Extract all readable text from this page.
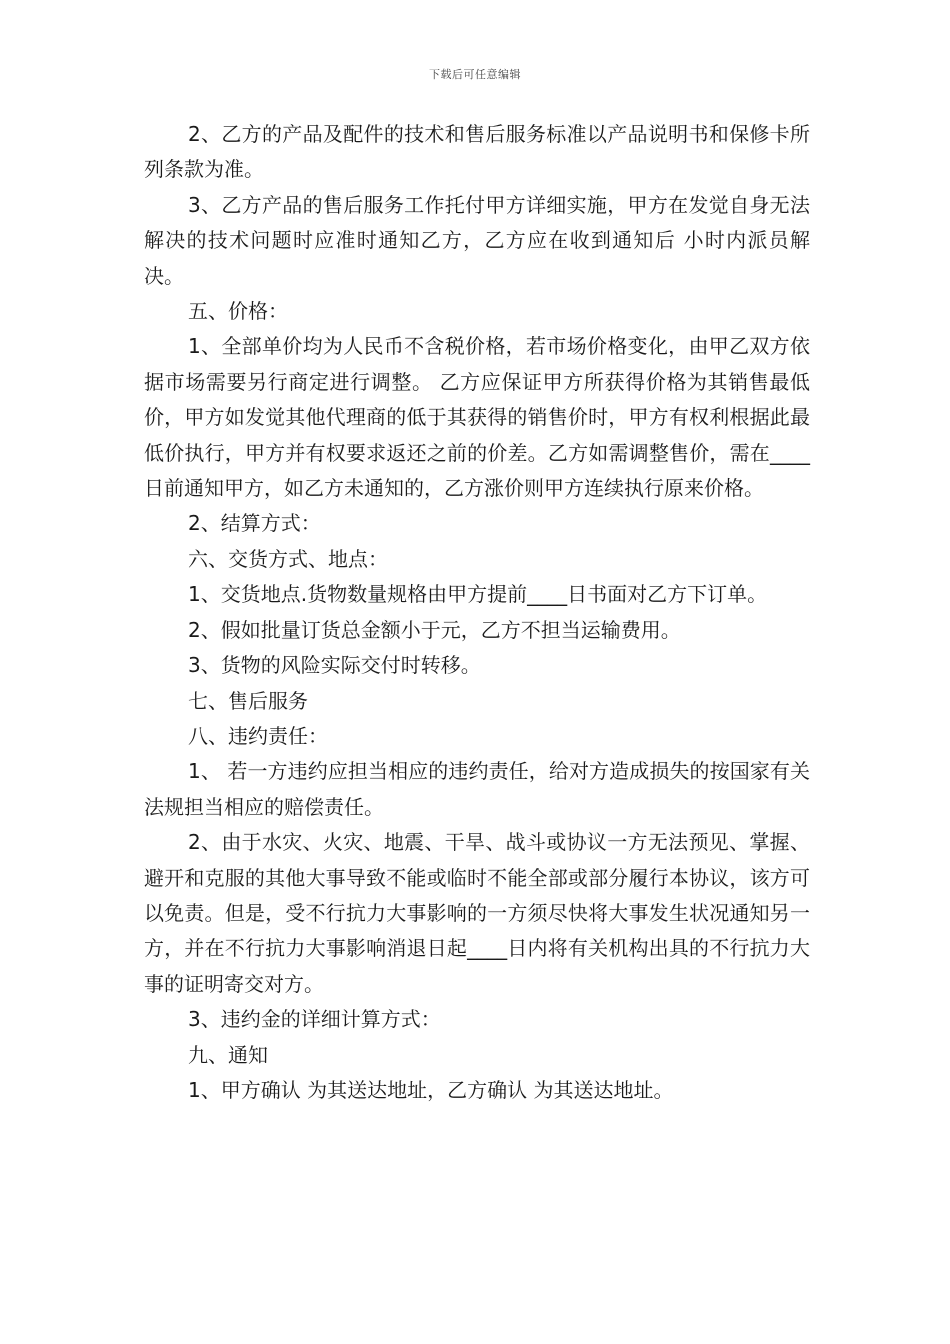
下载后可任意编辑

2、乙方的产品及配件的技术和售后服务标准以产品说明书和保修卡所列条款为准。

3、乙方产品的售后服务工作托付甲方详细实施，甲方在发觉自身无法解决的技术问题时应准时通知乙方，乙方应在收到通知后 小时内派员解决。

五、价格：

1、全部单价均为人民币不含税价格，若市场价格变化，由甲乙双方依据市场需要另行商定进行调整。 乙方应保证甲方所获得价格为其销售最低价，甲方如发觉其他代理商的低于其获得的销售价时，甲方有权利根据此最低价执行，甲方并有权要求返还之前的价差。乙方如需调整售价，需在____日前通知甲方，如乙方未通知的，乙方涨价则甲方连续执行原来价格。

2、结算方式：

六、交货方式、地点：

1、交货地点.货物数量规格由甲方提前____日书面对乙方下订单。

2、假如批量订货总金额小于元，乙方不担当运输费用。

3、货物的风险实际交付时转移。

七、售后服务

八、违约责任：

1、 若一方违约应担当相应的违约责任，给对方造成损失的按国家有关法规担当相应的赔偿责任。

2、由于水灾、火灾、地震、干旱、战斗或协议一方无法预见、掌握、避开和克服的其他大事导致不能或临时不能全部或部分履行本协议，该方可以免责。但是，受不行抗力大事影响的一方须尽快将大事发生状况通知另一方，并在不行抗力大事影响消退日起____日内将有关机构出具的不行抗力大事的证明寄交对方。

3、违约金的详细计算方式：

九、通知

1、甲方确认 为其送达地址，乙方确认 为其送达地址。
